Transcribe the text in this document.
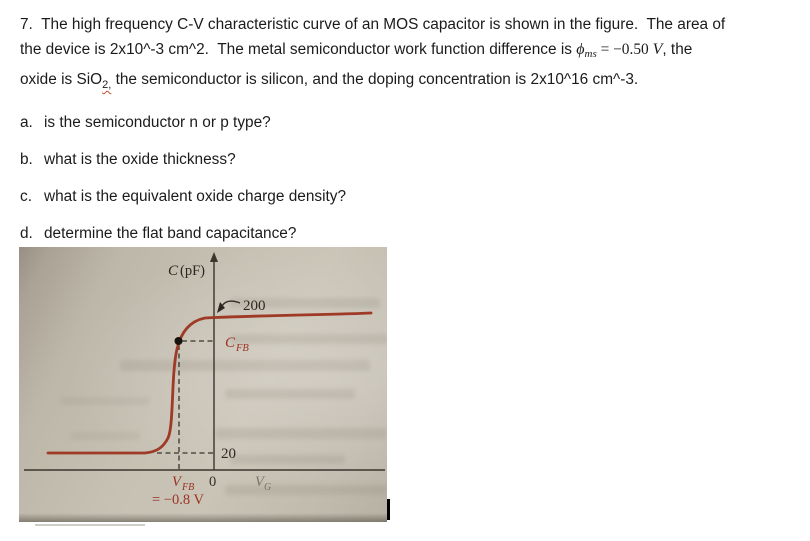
7.  The high frequency C-V characteristic curve of an MOS capacitor is shown in the figure.  The area of
the device is 2x10^-3 cm^2.  The metal semiconductor work function difference is ϕms = −0.50 V, the
oxide is SiO$_{2,}$ the semiconductor is silicon, and the doping concentration is 2x10^16 cm^-3.
a. is the semiconductor n or p type?
b. what is the oxide thickness?
c. what is the equivalent oxide charge density?
d. determine the flat band capacitance?
C (pF)
200
C FB
20
V FB 0	V G
= −0.8 V
